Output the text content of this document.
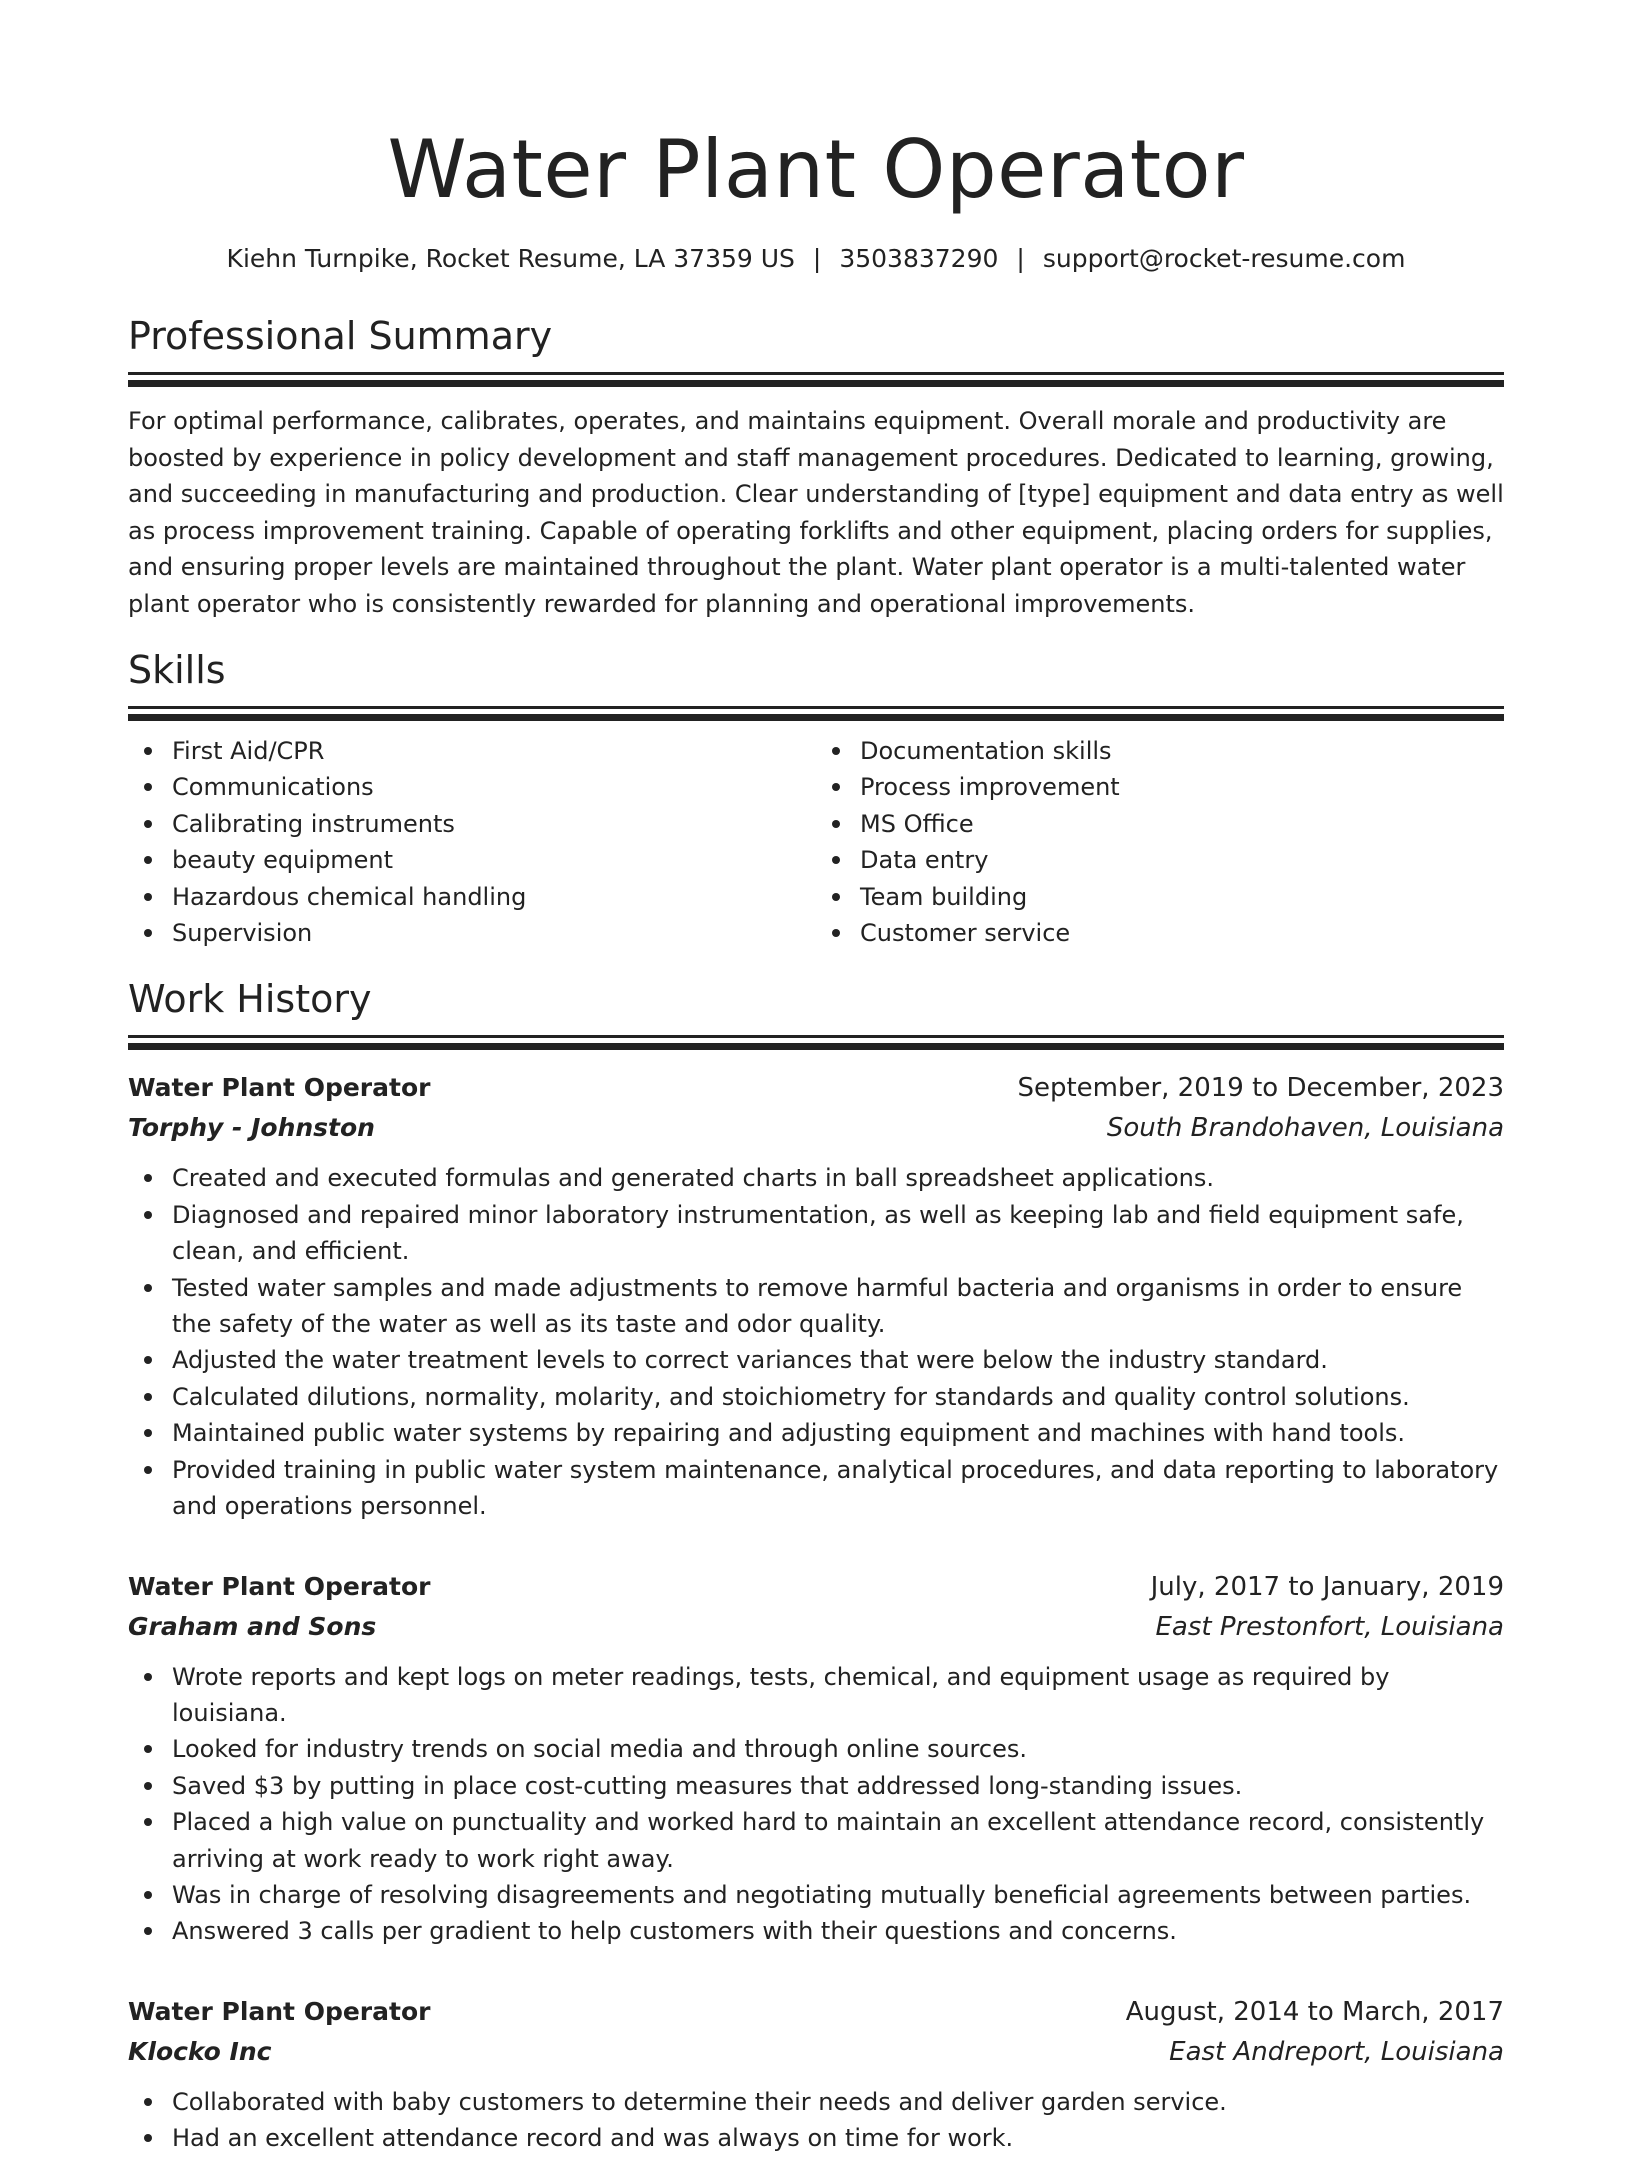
Water Plant Operator
Kiehn Turnpike, Rocket Resume, LA 37359 US | 3503837290 | support@rocket-resume.com
Professional Summary

For optimal performance, calibrates, operates, and maintains equipment. Overall morale and productivity are boosted by experience in policy development and staff management procedures. Dedicated to learning, growing, and succeeding in manufacturing and production. Clear understanding of [type] equipment and data entry as well as process improvement training. Capable of operating forklifts and other equipment, placing orders for supplies, and ensuring proper levels are maintained throughout the plant. Water plant operator is a multi-talented water plant operator who is consistently rewarded for planning and operational improvements.

Skills
First Aid/CPR
Communications
Calibrating instruments
beauty equipment
Hazardous chemical handling
Supervision
Documentation skills
Process improvement
MS Office
Data entry
Team building
Customer service
Work History
Water Plant Operator	September, 2019 to December, 2023
Torphy - Johnston	South Brandohaven, Louisiana
Created and executed formulas and generated charts in ball spreadsheet applications.
Diagnosed and repaired minor laboratory instrumentation, as well as keeping lab and field equipment safe, clean, and efficient.
Tested water samples and made adjustments to remove harmful bacteria and organisms in order to ensure the safety of the water as well as its taste and odor quality.
Adjusted the water treatment levels to correct variances that were below the industry standard.
Calculated dilutions, normality, molarity, and stoichiometry for standards and quality control solutions.
Maintained public water systems by repairing and adjusting equipment and machines with hand tools.
Provided training in public water system maintenance, analytical procedures, and data reporting to laboratory and operations personnel.
Water Plant Operator	July, 2017 to January, 2019
Graham and Sons	East Prestonfort, Louisiana
Wrote reports and kept logs on meter readings, tests, chemical, and equipment usage as required by louisiana.
Looked for industry trends on social media and through online sources.
Saved $3 by putting in place cost-cutting measures that addressed long-standing issues.
Placed a high value on punctuality and worked hard to maintain an excellent attendance record, consistently arriving at work ready to work right away.
Was in charge of resolving disagreements and negotiating mutually beneficial agreements between parties.
Answered 3 calls per gradient to help customers with their questions and concerns.
Water Plant Operator	August, 2014 to March, 2017
Klocko Inc	East Andreport, Louisiana
Collaborated with baby customers to determine their needs and deliver garden service.
Had an excellent attendance record and was always on time for work.
